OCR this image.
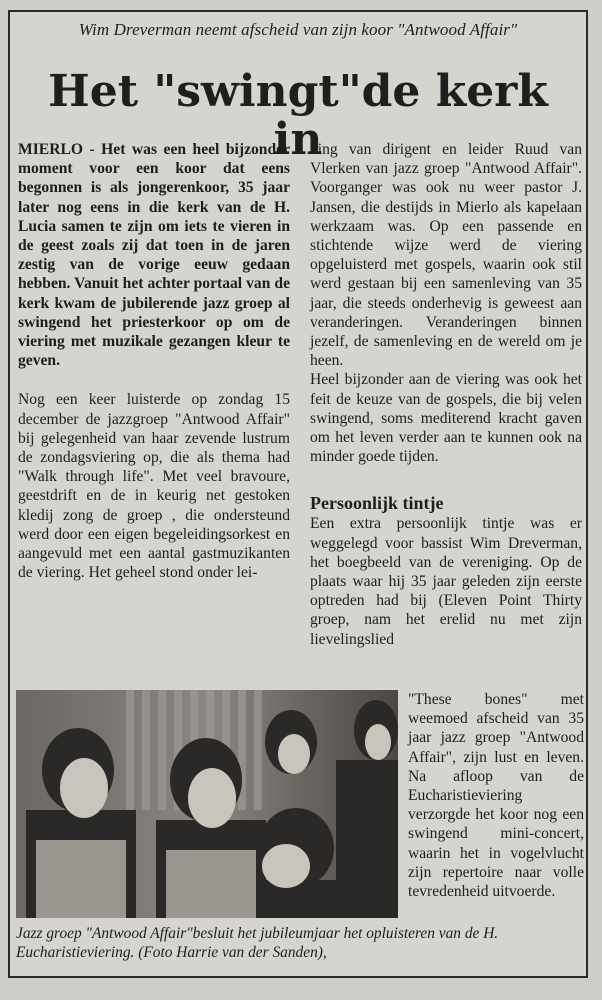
Wim Dreverman neemt afscheid van zijn koor "Antwood Affair"
Het "swingt"de kerk in

MIERLO - Het was een heel bijzonder moment voor een koor dat eens begonnen is als jongerenkoor, 35 jaar later nog eens in die kerk van de H. Lucia samen te zijn om iets te vieren in de geest zoals zij dat toen in de jaren zestig van de vorige eeuw gedaan hebben. Vanuit het achter portaal van de kerk kwam de jubilerende jazz groep al swingend het priesterkoor op om de viering met muzikale gezangen kleur te geven.

Nog een keer luisterde op zondag 15 december de jazzgroep "Antwood Affair" bij gelegenheid van haar zevende lustrum de zondagsviering op, die als thema had "Walk through life". Met veel bravoure, geestdrift en de in keurig net gestoken kledij zong de groep , die ondersteund werd door een eigen begeleidingsorkest en aangevuld met een aantal gastmuzikanten de viering. Het geheel stond onder lei-

ding van dirigent en leider Ruud van Vlerken van jazz groep "Antwood Affair". Voorganger was ook nu weer pastor J. Jansen, die destijds in Mierlo als kapelaan werkzaam was. Op een passende en stichtende wijze werd de viering opgeluisterd met gospels, waarin ook stil werd gestaan bij een samenleving van 35 jaar, die steeds onderhevig is geweest aan veranderingen. Veranderingen binnen jezelf, de samenleving en de wereld om je heen.

Heel bijzonder aan de viering was ook het feit de keuze van de gospels, die bij velen swingend, soms mediterend kracht gaven om het leven verder aan te kunnen ook na minder goede tijden.

Persoonlijk tintje

Een extra persoonlijk tintje was er weggelegd voor bassist Wim Dreverman, het boegbeeld van de vereniging. Op de plaats waar hij 35 jaar geleden zijn eerste optreden had bij (Eleven Point Thirty groep, nam het erelid nu met zijn lievelingslied

"These bones" met weemoed afscheid van 35 jaar jazz groep "Antwood Affair", zijn lust en leven. Na afloop van de Eucharistieviering verzorgde het koor nog een swingend mini-concert, waarin het in vogelvlucht zijn repertoire naar volle tevredenheid uitvoerde.

Jazz groep "Antwood Affair"besluit het jubileumjaar het opluisteren van de H. Eucharistieviering. (Foto Harrie van der Sanden),
